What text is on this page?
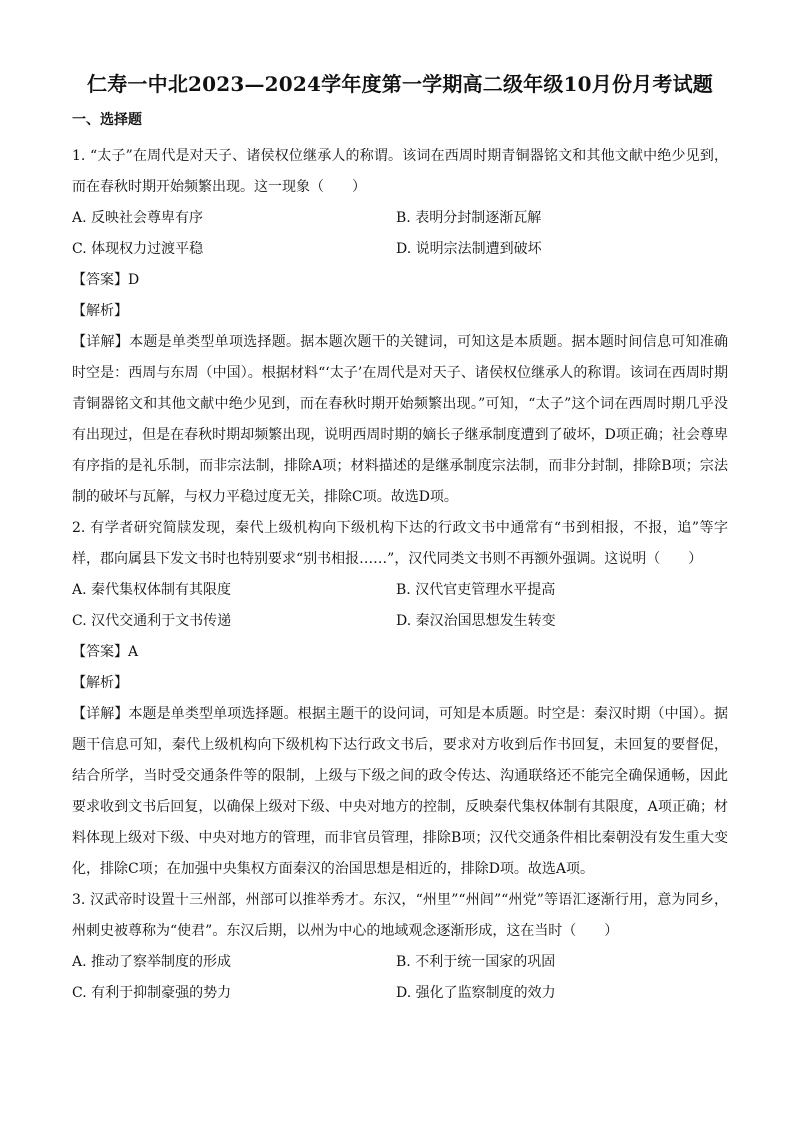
仁寿一中北2023—2024学年度第一学期高二级年级10月份月考试题
一、选择题

1. “太子”在周代是对天子、诸侯权位继承人的称谓。该词在西周时期青铜器铭文和其他文献中绝少见到，而在春秋时期开始频繁出现。这一现象（　　）

A. 反映社会尊卑有序	B. 表明分封制逐渐瓦解
C. 体现权力过渡平稳	D. 说明宗法制遭到破坏

【答案】D

【解析】

【详解】本题是单类型单项选择题。据本题次题干的关键词，可知这是本质题。据本题时间信息可知准确时空是：西周与东周（中国）。根据材料“‘太子’在周代是对天子、诸侯权位继承人的称谓。该词在西周时期青铜器铭文和其他文献中绝少见到，而在春秋时期开始频繁出现。”可知，“太子”这个词在西周时期几乎没有出现过，但是在春秋时期却频繁出现，说明西周时期的嫡长子继承制度遭到了破坏，D项正确；社会尊卑有序指的是礼乐制，而非宗法制，排除A项；材料描述的是继承制度宗法制，而非分封制，排除B项；宗法制的破坏与瓦解，与权力平稳过度无关，排除C项。故选D项。

2. 有学者研究简牍发现，秦代上级机构向下级机构下达的行政文书中通常有“书到相报，不报，追”等字样，郡向属县下发文书时也特别要求“别书相报……”，汉代同类文书则不再额外强调。这说明（　　）

A. 秦代集权体制有其限度	B. 汉代官吏管理水平提高
C. 汉代交通利于文书传递	D. 秦汉治国思想发生转变

【答案】A

【解析】

【详解】本题是单类型单项选择题。根据主题干的设问词，可知是本质题。时空是：秦汉时期（中国）。据题干信息可知，秦代上级机构向下级机构下达行政文书后，要求对方收到后作书回复，未回复的要督促，结合所学，当时受交通条件等的限制，上级与下级之间的政令传达、沟通联络还不能完全确保通畅，因此要求收到文书后回复，以确保上级对下级、中央对地方的控制，反映秦代集权体制有其限度，A项正确；材料体现上级对下级、中央对地方的管理，而非官员管理，排除B项；汉代交通条件相比秦朝没有发生重大变化，排除C项；在加强中央集权方面秦汉的治国思想是相近的，排除D项。故选A项。

3. 汉武帝时设置十三州部，州部可以推举秀才。东汉，“州里”“州闾”“州党”等语汇逐渐行用，意为同乡，州刺史被尊称为“使君”。东汉后期，以州为中心的地域观念逐渐形成，这在当时（　　）

A. 推动了察举制度的形成	B. 不利于统一国家的巩固
C. 有利于抑制豪强的势力	D. 强化了监察制度的效力
